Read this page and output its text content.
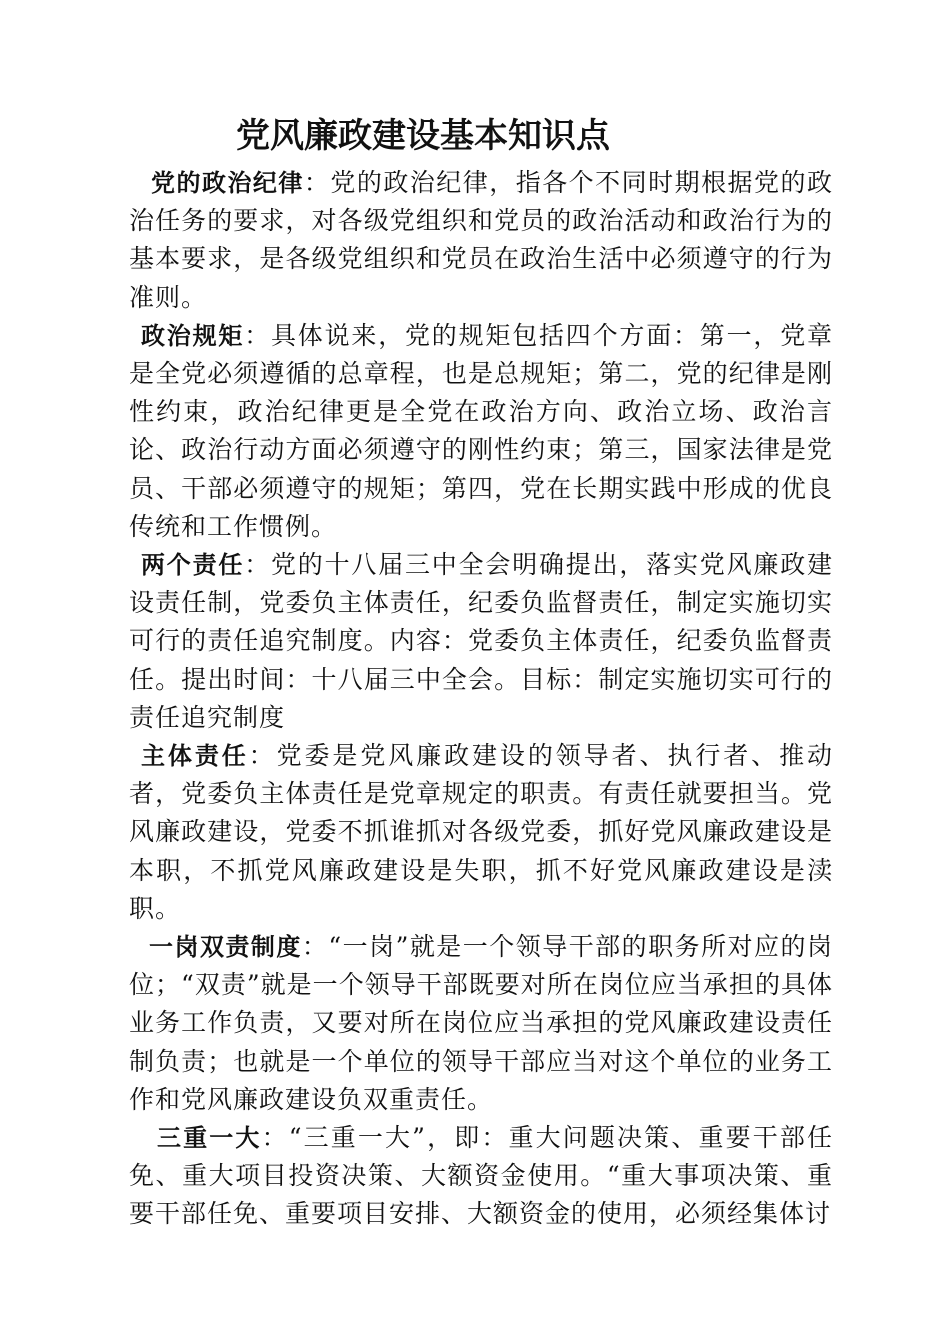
党风廉政建设基本知识点

党的政治纪律：党的政治纪律，指各个不同时期根据党的政治任务的要求，对各级党组织和党员的政治活动和政治行为的基本要求，是各级党组织和党员在政治生活中必须遵守的行为准则。

政治规矩：具体说来，党的规矩包括四个方面：第一，党章是全党必须遵循的总章程，也是总规矩；第二，党的纪律是刚性约束，政治纪律更是全党在政治方向、政治立场、政治言论、政治行动方面必须遵守的刚性约束；第三，国家法律是党员、干部必须遵守的规矩；第四，党在长期实践中形成的优良传统和工作惯例。

两个责任：党的十八届三中全会明确提出，落实党风廉政建设责任制，党委负主体责任，纪委负监督责任，制定实施切实可行的责任追究制度。内容：党委负主体责任，纪委负监督责任。提出时间：十八届三中全会。目标：制定实施切实可行的责任追究制度

主体责任：党委是党风廉政建设的领导者、执行者、推动者，党委负主体责任是党章规定的职责。有责任就要担当。党风廉政建设，党委不抓谁抓对各级党委，抓好党风廉政建设是本职，不抓党风廉政建设是失职，抓不好党风廉政建设是渎职。

一岗双责制度：“一岗”就是一个领导干部的职务所对应的岗位；“双责”就是一个领导干部既要对所在岗位应当承担的具体业务工作负责，又要对所在岗位应当承担的党风廉政建设责任制负责；也就是一个单位的领导干部应当对这个单位的业务工作和党风廉政建设负双重责任。

三重一大：“三重一大”，即：重大问题决策、重要干部任免、重大项目投资决策、大额资金使用。“重大事项决策、重要干部任免、重要项目安排、大额资金的使用，必须经集体讨
